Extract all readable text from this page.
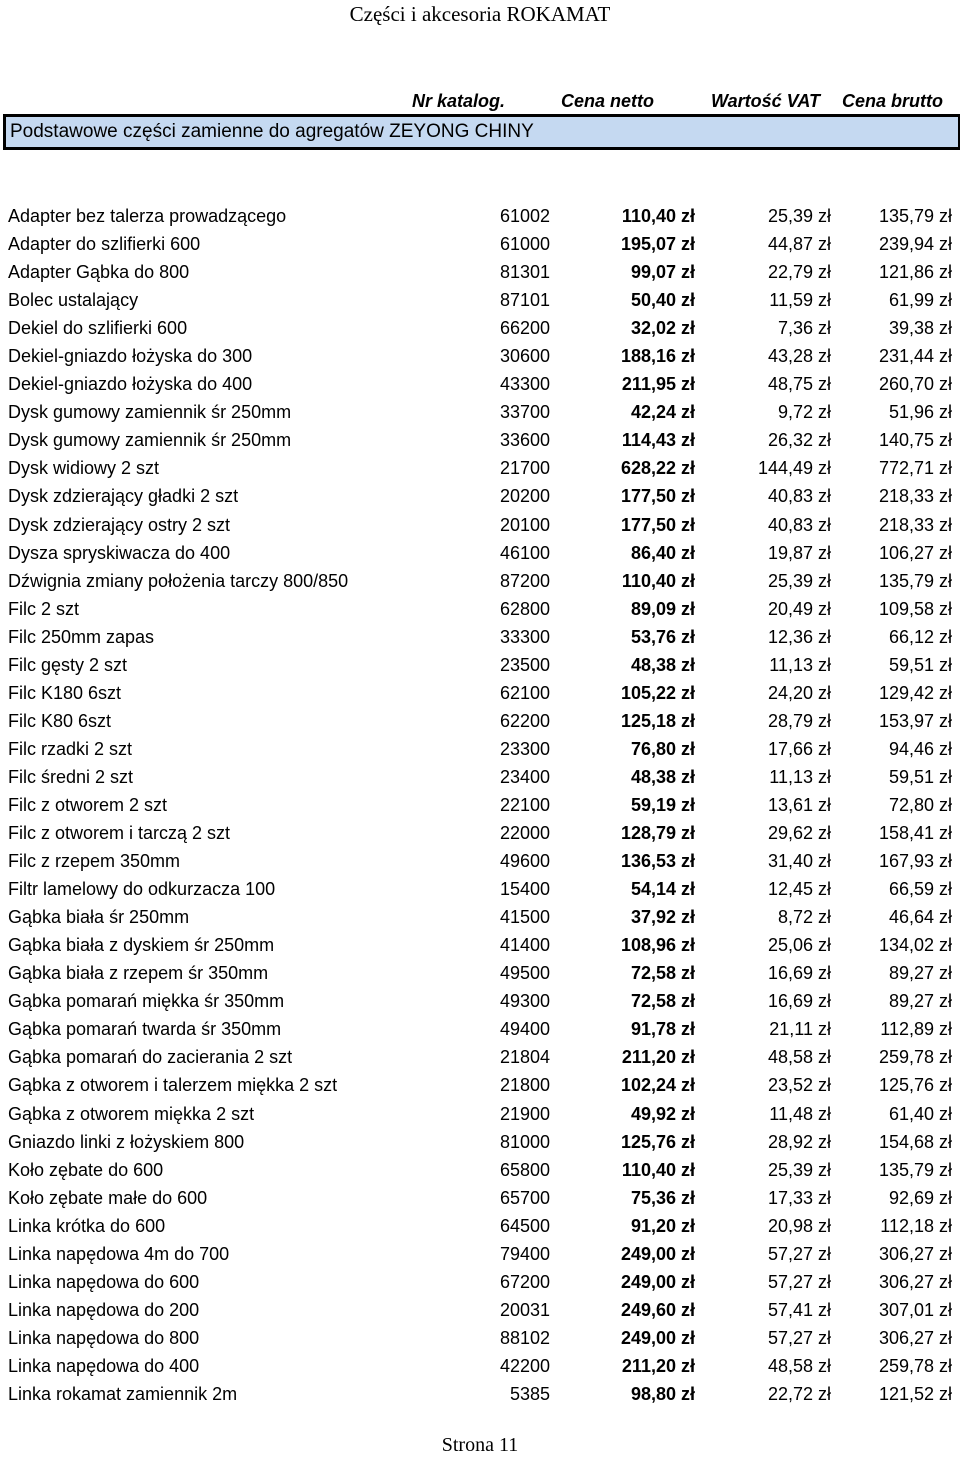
Części i akcesoria ROKAMAT
Nr katalog.	Cena netto	Wartość VAT Cena brutto
Podstawowe części zamienne do agregatów ZEYONG CHINY
Adapter bez talerza prowadzącego	61002	110,40 zł	25,39 zł	135,79 zł
Adapter do szlifierki 600	61000	195,07 zł	44,87 zł	239,94 zł
Adapter Gąbka do 800	81301	99,07 zł	22,79 zł	121,86 zł
Bolec ustalający	87101	50,40 zł	11,59 zł	61,99 zł
Dekiel do szlifierki 600	66200	32,02 zł	7,36 zł	39,38 zł
Dekiel-gniazdo łożyska do 300	30600	188,16 zł	43,28 zł	231,44 zł
Dekiel-gniazdo łożyska do 400	43300	211,95 zł	48,75 zł	260,70 zł
Dysk gumowy zamiennik śr 250mm	33700	42,24 zł	9,72 zł	51,96 zł
Dysk gumowy zamiennik śr 250mm	33600	114,43 zł	26,32 zł	140,75 zł
Dysk widiowy 2 szt	21700	628,22 zł	144,49 zł	772,71 zł
Dysk zdzierający gładki 2 szt	20200	177,50 zł	40,83 zł	218,33 zł
Dysk zdzierający ostry 2 szt	20100	177,50 zł	40,83 zł	218,33 zł
Dysza spryskiwacza do 400	46100	86,40 zł	19,87 zł	106,27 zł
Dźwignia zmiany położenia tarczy 800/850	87200	110,40 zł	25,39 zł	135,79 zł
Filc 2 szt	62800	89,09 zł	20,49 zł	109,58 zł
Filc 250mm zapas	33300	53,76 zł	12,36 zł	66,12 zł
Filc gęsty 2 szt	23500	48,38 zł	11,13 zł	59,51 zł
Filc K180 6szt	62100	105,22 zł	24,20 zł	129,42 zł
Filc K80 6szt	62200	125,18 zł	28,79 zł	153,97 zł
Filc rzadki 2 szt	23300	76,80 zł	17,66 zł	94,46 zł
Filc średni 2 szt	23400	48,38 zł	11,13 zł	59,51 zł
Filc z otworem 2 szt	22100	59,19 zł	13,61 zł	72,80 zł
Filc z otworem i tarczą 2 szt	22000	128,79 zł	29,62 zł	158,41 zł
Filc z rzepem 350mm	49600	136,53 zł	31,40 zł	167,93 zł
Filtr lamelowy do odkurzacza 100	15400	54,14 zł	12,45 zł	66,59 zł
Gąbka biała śr 250mm	41500	37,92 zł	8,72 zł	46,64 zł
Gąbka biała z dyskiem śr 250mm	41400	108,96 zł	25,06 zł	134,02 zł
Gąbka biała z rzepem śr 350mm	49500	72,58 zł	16,69 zł	89,27 zł
Gąbka pomarań miękka śr 350mm	49300	72,58 zł	16,69 zł	89,27 zł
Gąbka pomarań twarda śr 350mm	49400	91,78 zł	21,11 zł	112,89 zł
Gąbka pomarań do zacierania 2 szt	21804	211,20 zł	48,58 zł	259,78 zł
Gąbka z otworem i talerzem miękka 2 szt	21800	102,24 zł	23,52 zł	125,76 zł
Gąbka z otworem miękka 2 szt	21900	49,92 zł	11,48 zł	61,40 zł
Gniazdo linki z łożyskiem 800	81000	125,76 zł	28,92 zł	154,68 zł
Koło zębate do 600	65800	110,40 zł	25,39 zł	135,79 zł
Koło zębate małe do 600	65700	75,36 zł	17,33 zł	92,69 zł
Linka krótka do 600	64500	91,20 zł	20,98 zł	112,18 zł
Linka napędowa 4m do 700	79400	249,00 zł	57,27 zł	306,27 zł
Linka napędowa do 600	67200	249,00 zł	57,27 zł	306,27 zł
Linka napędowa do 200	20031	249,60 zł	57,41 zł	307,01 zł
Linka napędowa do 800	88102	249,00 zł	57,27 zł	306,27 zł
Linka napędowa do 400	42200	211,20 zł	48,58 zł	259,78 zł
Linka rokamat zamiennik 2m	5385	98,80 zł	22,72 zł	121,52 zł
Strona 11
